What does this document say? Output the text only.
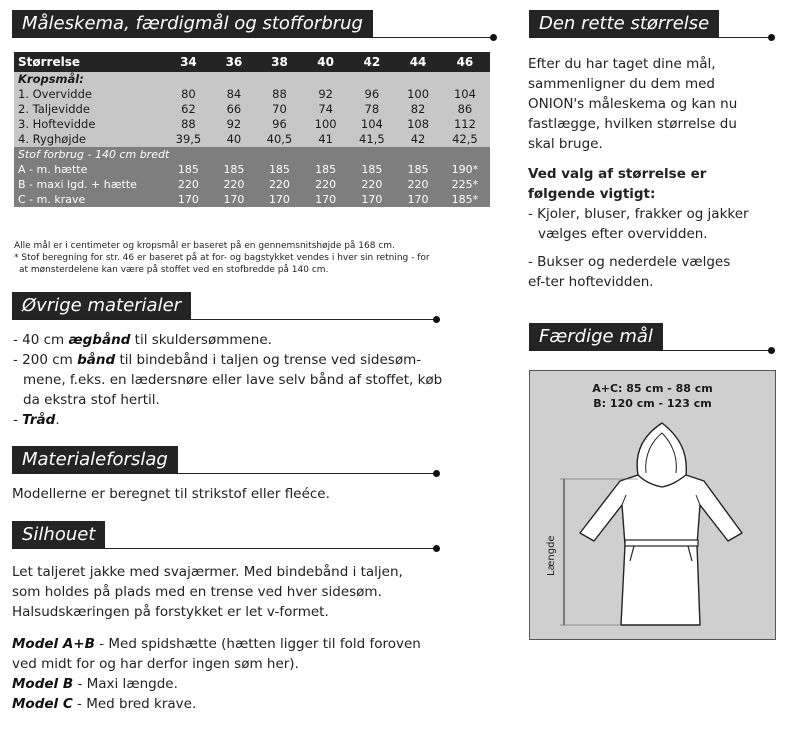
Måleskema, færdigmål og stofforbrug
Størrelse	34	36	38	40	42	44	46
Kropsmål:							
1. Overvidde	80	84	88	92	96	100	104
2. Taljevidde	62	66	70	74	78	82	86
3. Hoftevidde	88	92	96	100	104	108	112
4. Ryghøjde	39,5	40	40,5	41	41,5	42	42,5
Stof forbrug - 140 cm bredt							
A - m. hætte	185	185	185	185	185	185	190*
B - maxi lgd. + hætte	220	220	220	220	220	220	225*
C - m. krave	170	170	170	170	170	170	185*
Alle mål er i centimeter og kropsmål er baseret på en gennemsnitshøjde på 168 cm.
* Stof beregning for str. 46 er baseret på at for- og bagstykket vendes i hver sin retning - for
at mønsterdelene kan være på stoffet ved en stofbredde på 140 cm.
Øvrige materialer
- 40 cm ægbånd til skuldersømmene.
- 200 cm bånd til bindebånd i taljen og trense ved sidesøm-
mene, f.eks. en lædersnøre eller lave selv bånd af stoffet, køb
da ekstra stof hertil.
- Tråd.
Materialeforslag
Modellerne er beregnet til strikstof eller fleéce.
Silhouet
Let taljeret jakke med svajærmer. Med bindebånd i taljen,
som holdes på plads med en trense ved hver sidesøm.
Halsudskæringen på forstykket er let v-formet.
Model A+B - Med spidshætte (hætten ligger til fold foroven
ved midt for og har derfor ingen søm her).
Model B - Maxi længde.
Model C - Med bred krave.
Den rette størrelse
Efter du har taget dine mål,
sammenligner du dem med
ONION's måleskema og kan nu
fastlægge, hvilken størrelse du
skal bruge.
Ved valg af størrelse er
følgende vigtigt:
- Kjoler, bluser, frakker og jakker
vælges efter overvidden.
- Bukser og nederdele vælges
ef-ter hoftevidden.
Færdige mål
A+C: 85 cm - 88 cm
B: 120 cm - 123 cm
Længde
